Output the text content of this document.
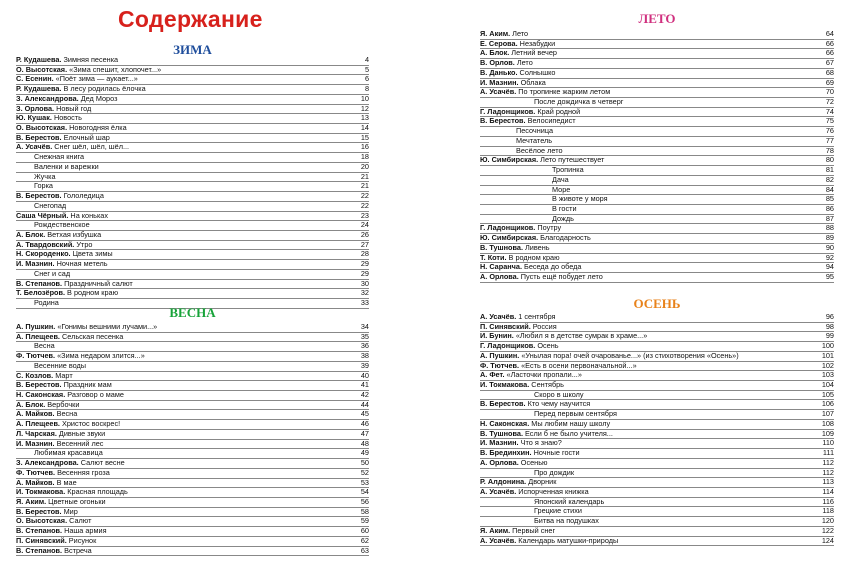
Содержание
ЗИМА
Р. Кудашева. Зимняя песенка	4
О. Высотская. «Зима спешит, хлопочет...»	5
С. Есенин. «Поёт зима — аукает...»	6
Р. Кудашева. В лесу родилась ёлочка	8
З. Александрова. Дед Мороз	10
З. Орлова. Новый год	12
Ю. Кушак. Новость	13
О. Высотская. Новогодняя ёлка	14
В. Берестов. Елочный шар	15
А. Усачёв. Снег шёл, шёл, шёл...	16
Снежная книга	18
Валенки и варежки	20
Жучка	21
Горка	21
В. Берестов. Гололедица	22
Снегопад	22
Саша Чёрный. На коньках	23
Рождественское	24
А. Блок. Ветхая избушка	26
А. Твардовский. Утро	27
Н. Скороденко. Цвета зимы	28
И. Мазнин. Ночная метель	29
Снег и сад	29
В. Степанов. Праздничный салют	30
Т. Белозёров. В родном краю	32
Родина	33
ВЕСНА
А. Пушкин. «Гонимы вешними лучами...»	34
А. Плещеев. Сельская песенка	35
Весна	36
Ф. Тютчев. «Зима недаром злится...»	38
Весенние воды	39
С. Козлов. Март	40
В. Берестов. Праздник мам	41
Н. Саконская. Разговор о маме	42
А. Блок. Вербочки	44
А. Майков. Весна	45
А. Плещеев. Христос воскрес!	46
Л. Чарская. Дивные звуки	47
И. Мазнин. Весенний лес	48
Любимая красавица	49
З. Александрова. Салют весне	50
Ф. Тютчев. Весенняя гроза	52
А. Майков. В мае	53
И. Токмакова. Красная площадь	54
Я. Аким. Цветные огоньки	56
В. Берестов. Мир	58
О. Высотская. Салют	59
В. Степанов. Наша армия	60
П. Синявский. Рисунок	62
В. Степанов. Встреча	63
ЛЕТО
Я. Аким. Лето	64
Е. Серова. Незабудки	66
А. Блок. Летний вечер	66
В. Орлов. Лето	67
В. Данько. Солнышко	68
И. Мазнин. Облака	69
А. Усачёв. По тропинке жарким летом	70
После дождичка в четверг	72
Г. Ладонщиков. Край родной	74
В. Берестов. Велосипедист	75
Песочница	76
Мечтатель	77
Весёлое лето	78
Ю. Симбирская. Лето путешествует	80
Тропинка	81
Дача	82
Море	84
В животе у моря	85
В гости	86
Дождь	87
Г. Ладонщиков. Поутру	88
Ю. Симбирская. Благодарность	89
В. Тушнова. Ливень	90
Т. Коти. В родном краю	92
Н. Саранча. Беседа до обеда	94
А. Орлова. Пусть ещё побудет лето	95
ОСЕНЬ
А. Усачёв. 1 сентября	96
П. Синявский. Россия	98
И. Бунин. «Любил я в детстве сумрак в храме...»	99
Г. Ладонщиков. Осень	100
А. Пушкин. «Унылая пора! очей очарованье...» (из стихотворения «Осень»)	101
Ф. Тютчев. «Есть в осени первоначальной...»	102
А. Фет. «Ласточки пропали...»	103
И. Токмакова. Сентябрь	104
Скоро в школу	105
В. Берестов. Кто чему научится	106
Перед первым сентября	107
Н. Саконская. Мы любим нашу школу	108
В. Тушнова. Если б не было учителя...	109
И. Мазнин. Что я знаю?	110
В. Брединхин. Ночные гости	111
А. Орлова. Осенью	112
Про дождик	112
Р. Алдонина. Дворник	113
А. Усачёв. Испорченная книжка	114
Японский календарь	116
Грецкие стихи	118
Битва на подушках	120
Я. Аким. Первый снег	122
А. Усачёв. Календарь матушки-природы	124
